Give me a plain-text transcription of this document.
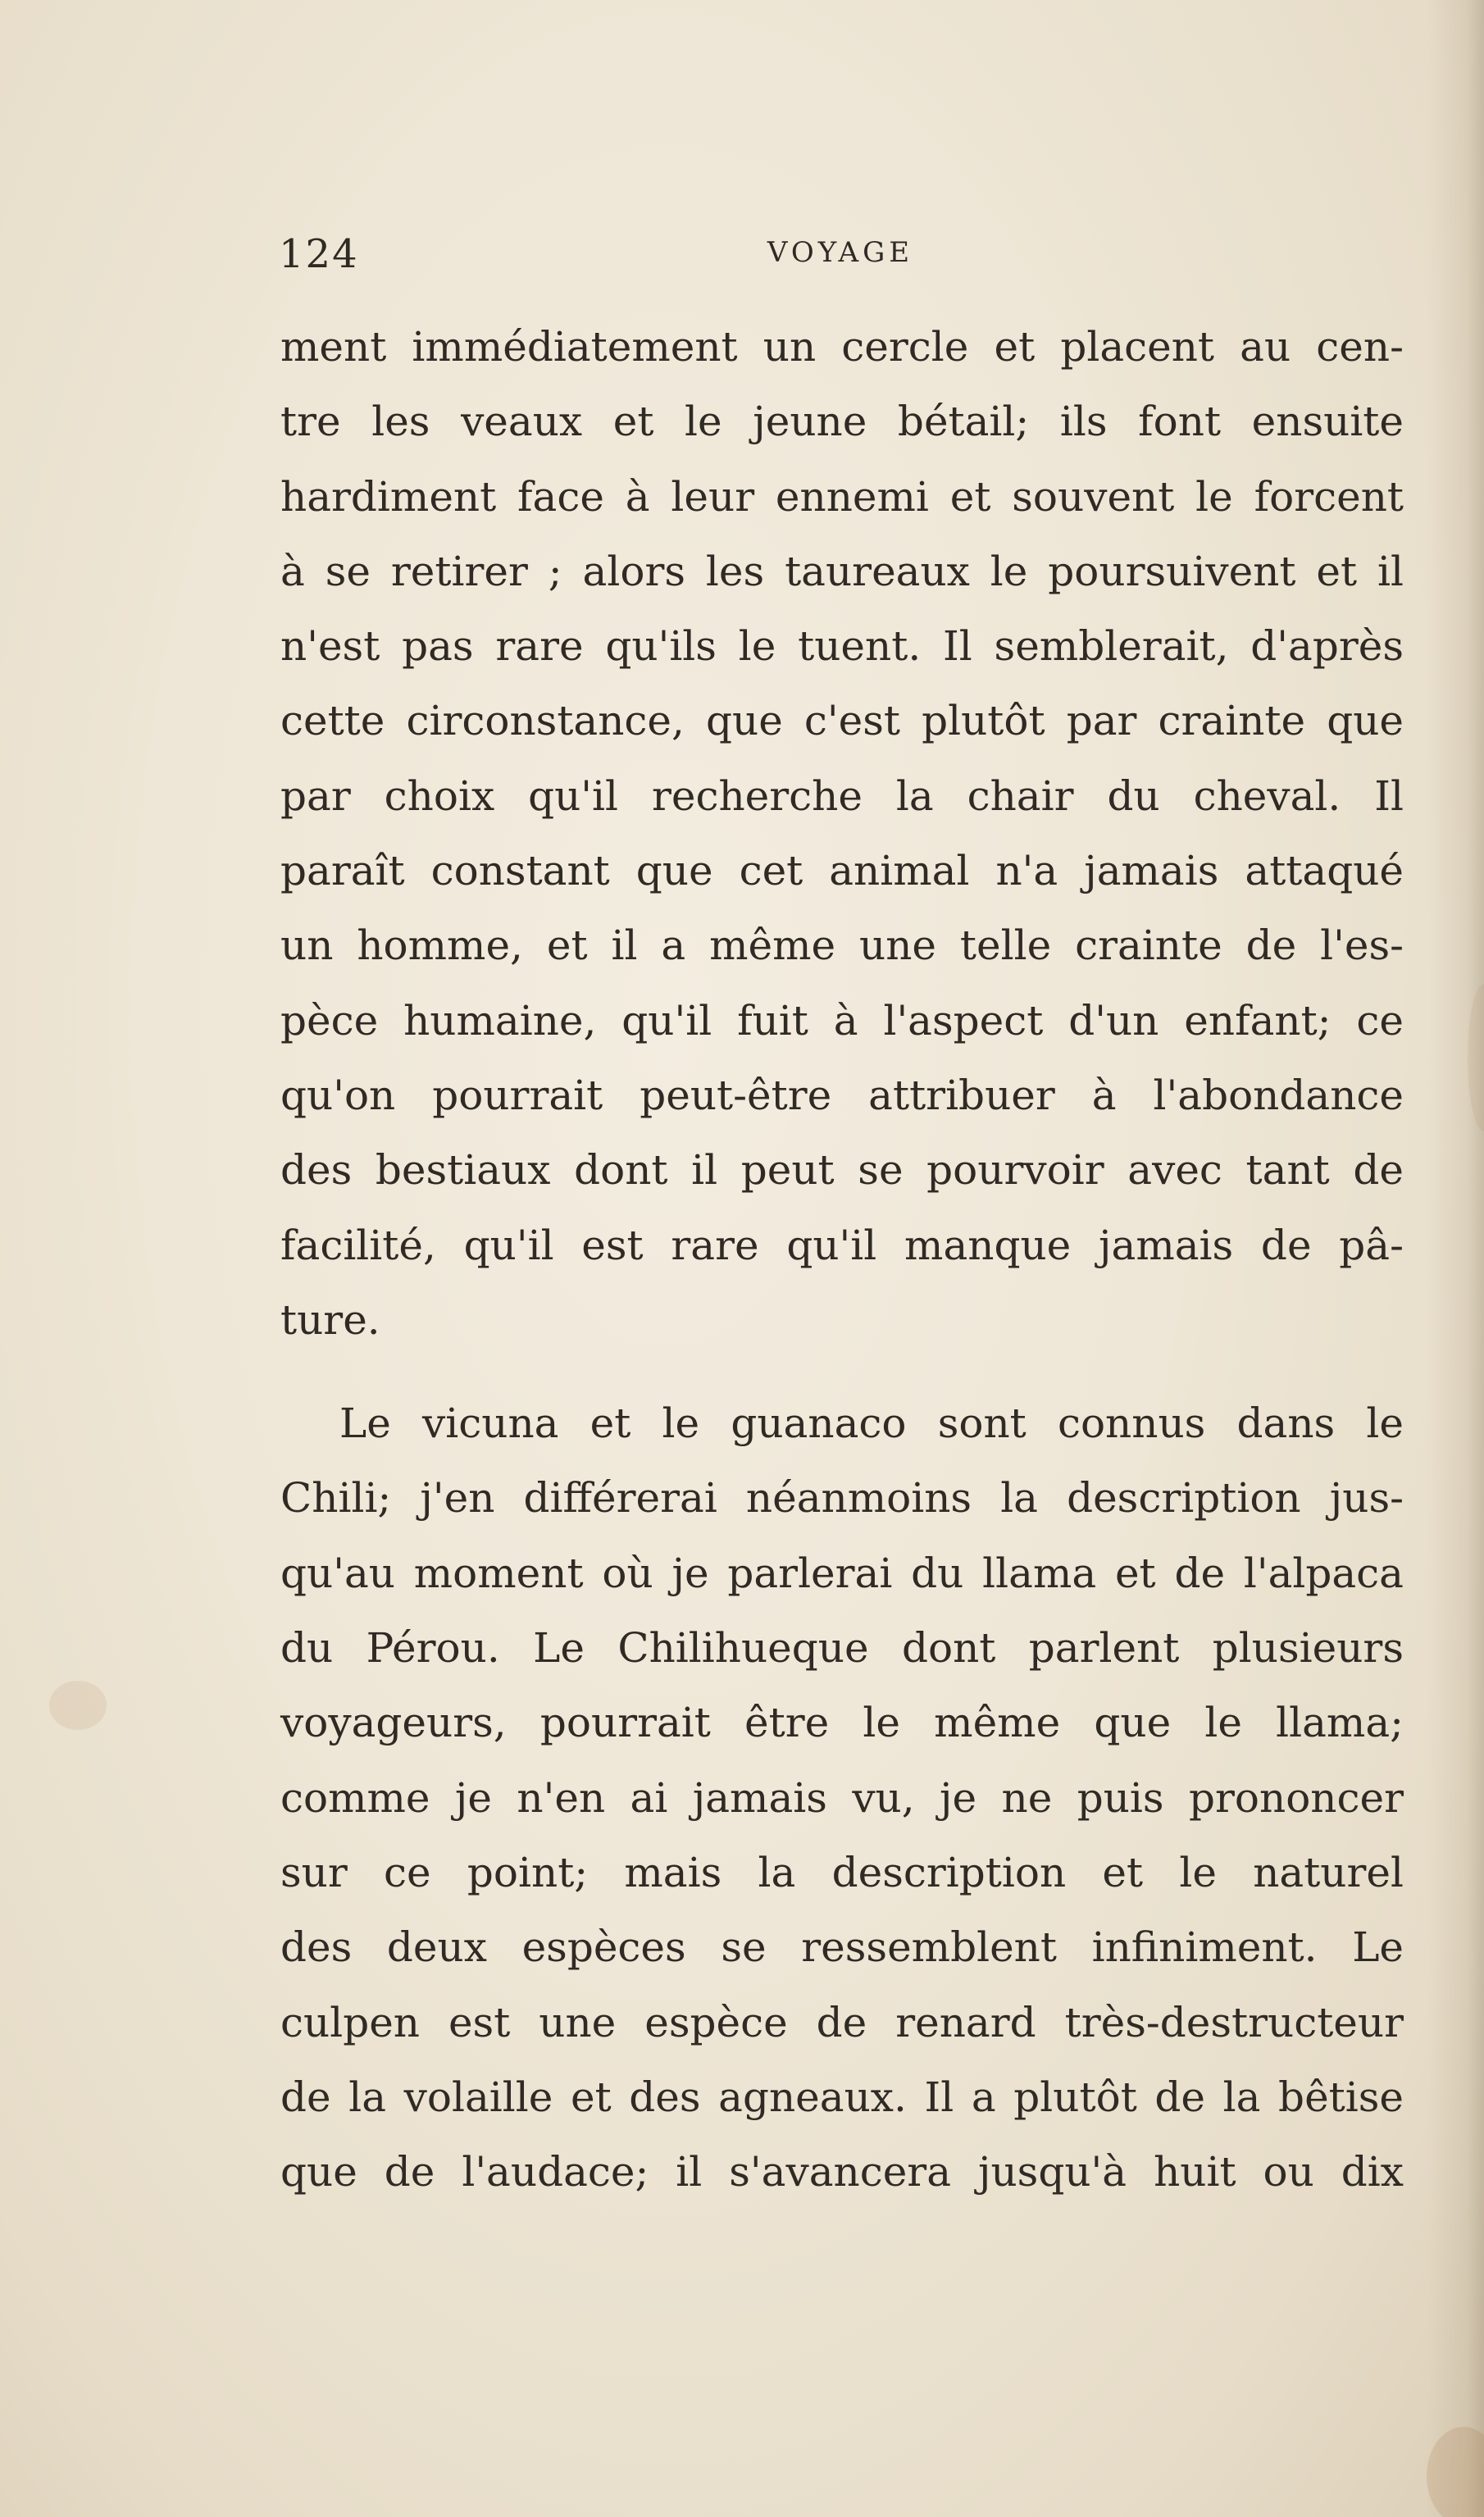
124	VOYAGE
ment immédiatement un cercle et placent au cen-
tre les veaux et le jeune bétail; ils font ensuite
hardiment face à leur ennemi et souvent le forcent
à se retirer ; alors les taureaux le poursuivent et il
n'est pas rare qu'ils le tuent. Il semblerait, d'après
cette circonstance, que c'est plutôt par crainte que
par choix qu'il recherche la chair du cheval. Il
paraît constant que cet animal n'a jamais attaqué
un homme, et il a même une telle crainte de l'es-
pèce humaine, qu'il fuit à l'aspect d'un enfant; ce
qu'on pourrait peut-être attribuer à l'abondance
des bestiaux dont il peut se pourvoir avec tant de
facilité, qu'il est rare qu'il manque jamais de pâ-
ture.
Le vicuna et le guanaco sont connus dans le
Chili; j'en différerai néanmoins la description jus-
qu'au moment où je parlerai du llama et de l'alpaca
du Pérou. Le Chilihueque dont parlent plusieurs
voyageurs, pourrait être le même que le llama;
comme je n'en ai jamais vu, je ne puis prononcer
sur ce point; mais la description et le naturel
des deux espèces se ressemblent infiniment. Le
culpen est une espèce de renard très-destructeur
de la volaille et des agneaux. Il a plutôt de la bêtise
que de l'audace; il s'avancera jusqu'à huit ou dix
